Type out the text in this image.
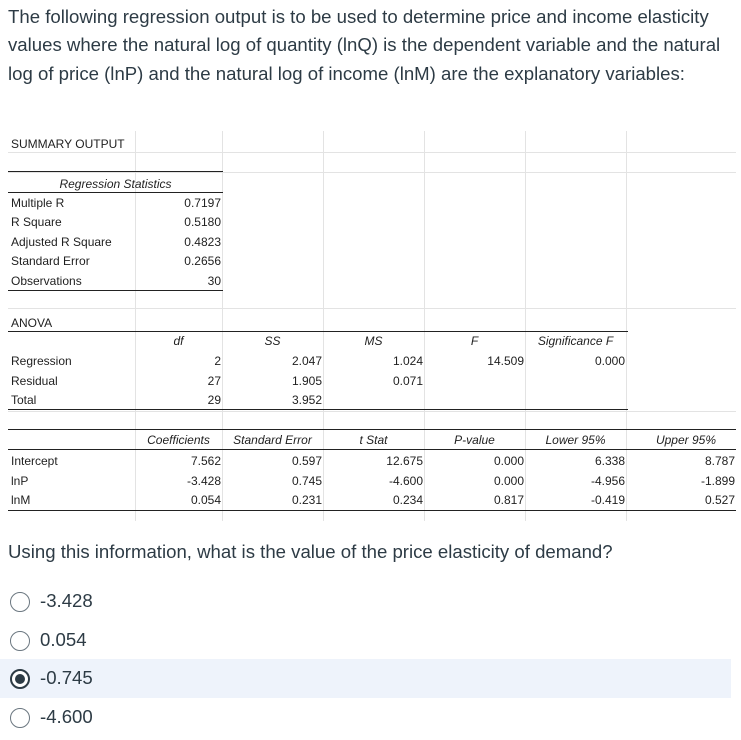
The following regression output is to be used to determine price and income elasticity values where the natural log of quantity (lnQ) is the dependent variable and the natural log of price (lnP) and the natural log of income (lnM) are the explanatory variables:
SUMMARY OUTPUT
Regression Statistics
Multiple R	0.7197
R Square	0.5180
Adjusted R Square	0.4823
Standard Error	0.2656
Observations	30
ANOVA
df	SS	MS	F	Significance F
Regression	2	2.047	1.024	14.509	0.000
Residual	27	1.905	0.071
Total	29	3.952
Coefficients	Standard Error	t Stat	P-value	Lower 95%	Upper 95%
Intercept	7.562	0.597	12.675	0.000	6.338	8.787
lnP	-3.428	0.745	-4.600	0.000	-4.956	-1.899
lnM	0.054	0.231	0.234	0.817	-0.419	0.527
Using this information, what is the value of the price elasticity of demand?
-3.428
0.054
-0.745
-4.600
